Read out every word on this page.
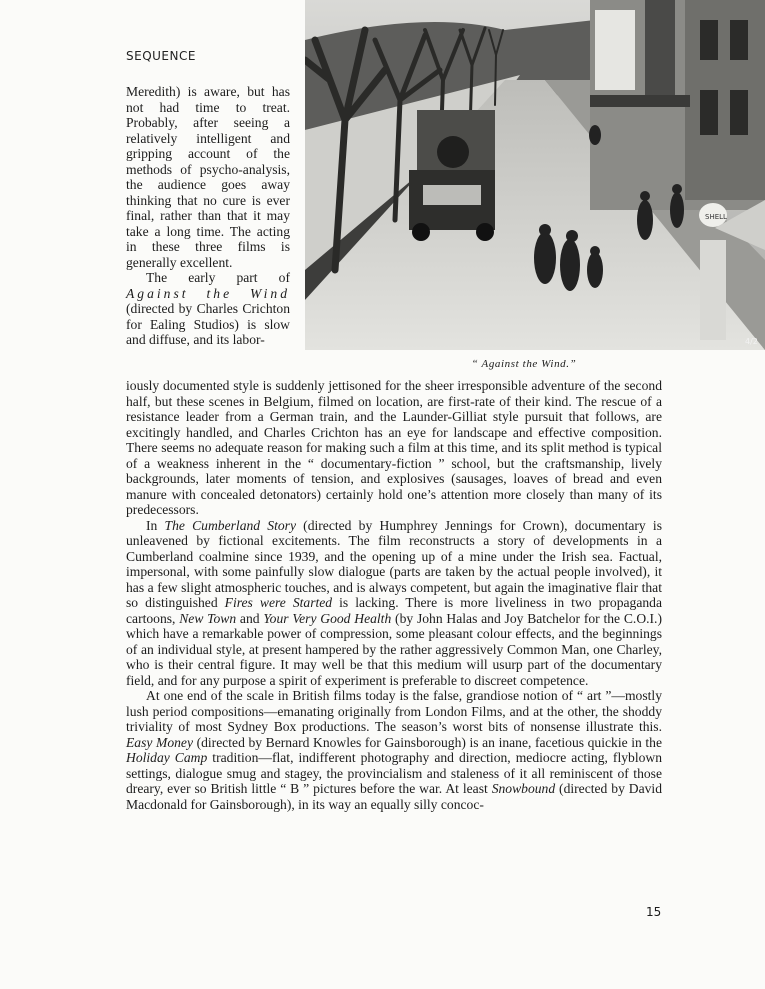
SEQUENCE
SHELL
4/2
“ Against the Wind.”

Meredith) is aware, but has not had time to treat. Probably, after seeing a relatively intelligent and gripping account of the methods of psycho-analysis, the audience goes away thinking that no cure is ever final, rather than that it may take a long time. The acting in these three films is generally excellent.

The early part of Against the Wind (directed by Charles Crichton for Ealing Studios) is slow and diffuse, and its labor-

iously documented style is suddenly jettisoned for the sheer irresponsible adventure of the second half, but these scenes in Belgium, filmed on location, are first-rate of their kind. The rescue of a resistance leader from a German train, and the Launder-Gilliat style pursuit that follows, are excitingly handled, and Charles Crichton has an eye for landscape and effective composition. There seems no adequate reason for making such a film at this time, and its split method is typical of a weakness inherent in the “ documentary-fiction ” school, but the craftsmanship, lively backgrounds, later moments of tension, and explosives (sausages, loaves of bread and even manure with concealed detonators) certainly hold one’s attention more closely than many of its predecessors.

In The Cumberland Story (directed by Humphrey Jennings for Crown), documentary is unleavened by fictional excitements. The film reconstructs a story of developments in a Cumberland coalmine since 1939, and the opening up of a mine under the Irish sea. Factual, impersonal, with some painfully slow dialogue (parts are taken by the actual people involved), it has a few slight atmospheric touches, and is always competent, but again the imaginative flair that so distinguished Fires were Started is lacking. There is more liveliness in two propaganda cartoons, New Town and Your Very Good Health (by John Halas and Joy Batchelor for the C.O.I.) which have a remarkable power of compression, some pleasant colour effects, and the beginnings of an individual style, at present hampered by the rather aggressively Common Man, one Charley, who is their central figure. It may well be that this medium will usurp part of the documentary field, and for any purpose a spirit of experiment is preferable to discreet competence.

At one end of the scale in British films today is the false, grandiose notion of “ art ”—mostly lush period compositions—emanating originally from London Films, and at the other, the shoddy triviality of most Sydney Box productions. The season’s worst bits of nonsense illustrate this. Easy Money (directed by Bernard Knowles for Gainsborough) is an inane, facetious quickie in the Holiday Camp tradition—flat, indifferent photography and direction, mediocre acting, flyblown settings, dialogue smug and stagey, the provincialism and staleness of it all reminiscent of those dreary, ever so British little “ B ” pictures before the war. At least Snowbound (directed by David Macdonald for Gainsborough), in its way an equally silly concoc-

15
